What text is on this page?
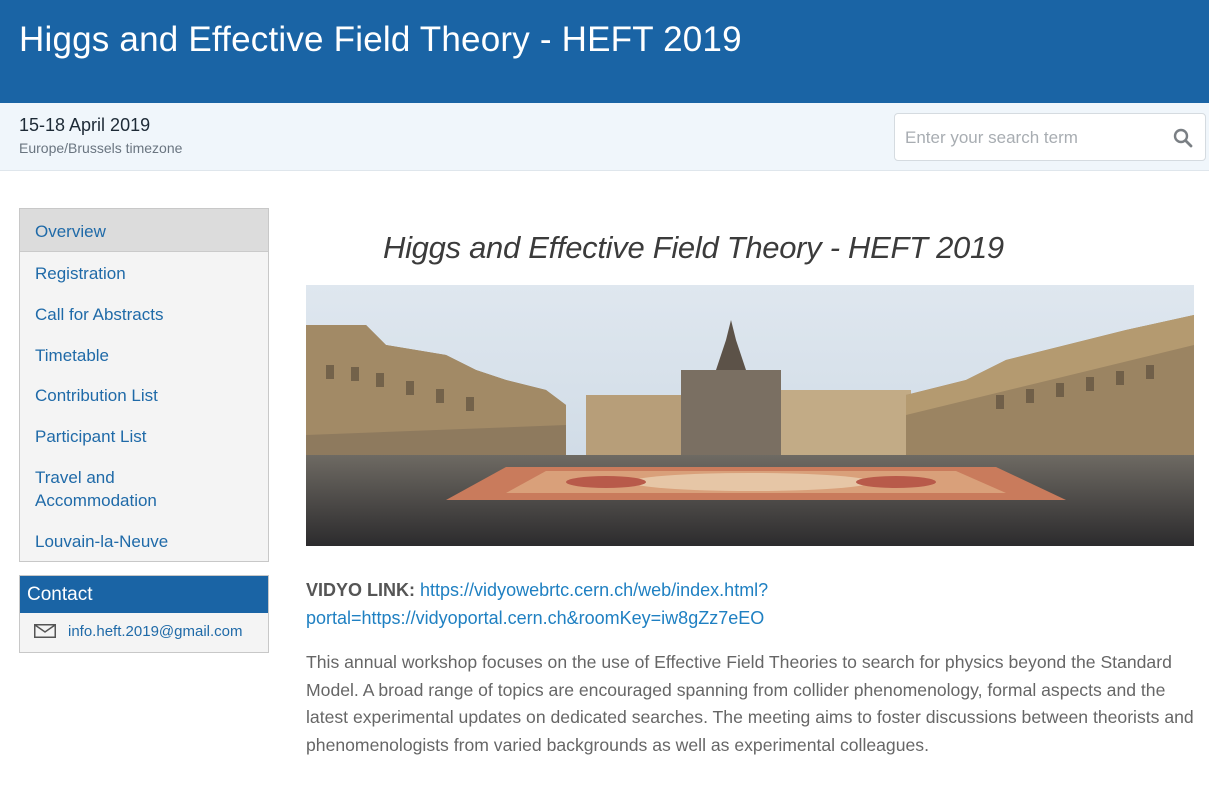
Higgs and Effective Field Theory - HEFT 2019
15-18 April 2019
Europe/Brussels timezone
Enter your search term
Overview
Registration
Call for Abstracts
Timetable
Contribution List
Participant List
Travel and Accommodation
Louvain-la-Neuve
Contact
info.heft.2019@gmail.com
Higgs and Effective Field Theory - HEFT 2019
VIDYO LINK: https://vidyowebrtc.cern.ch/web/index.html?
portal=https://vidyoportal.cern.ch&roomKey=iw8gZz7eEO
This annual workshop focuses on the use of Effective Field Theories to search for physics beyond the Standard Model. A broad range of topics are encouraged spanning from collider phenomenology, formal aspects and the latest experimental updates on dedicated searches. The meeting aims to foster discussions between theorists and phenomenologists from varied backgrounds as well as experimental colleagues.
